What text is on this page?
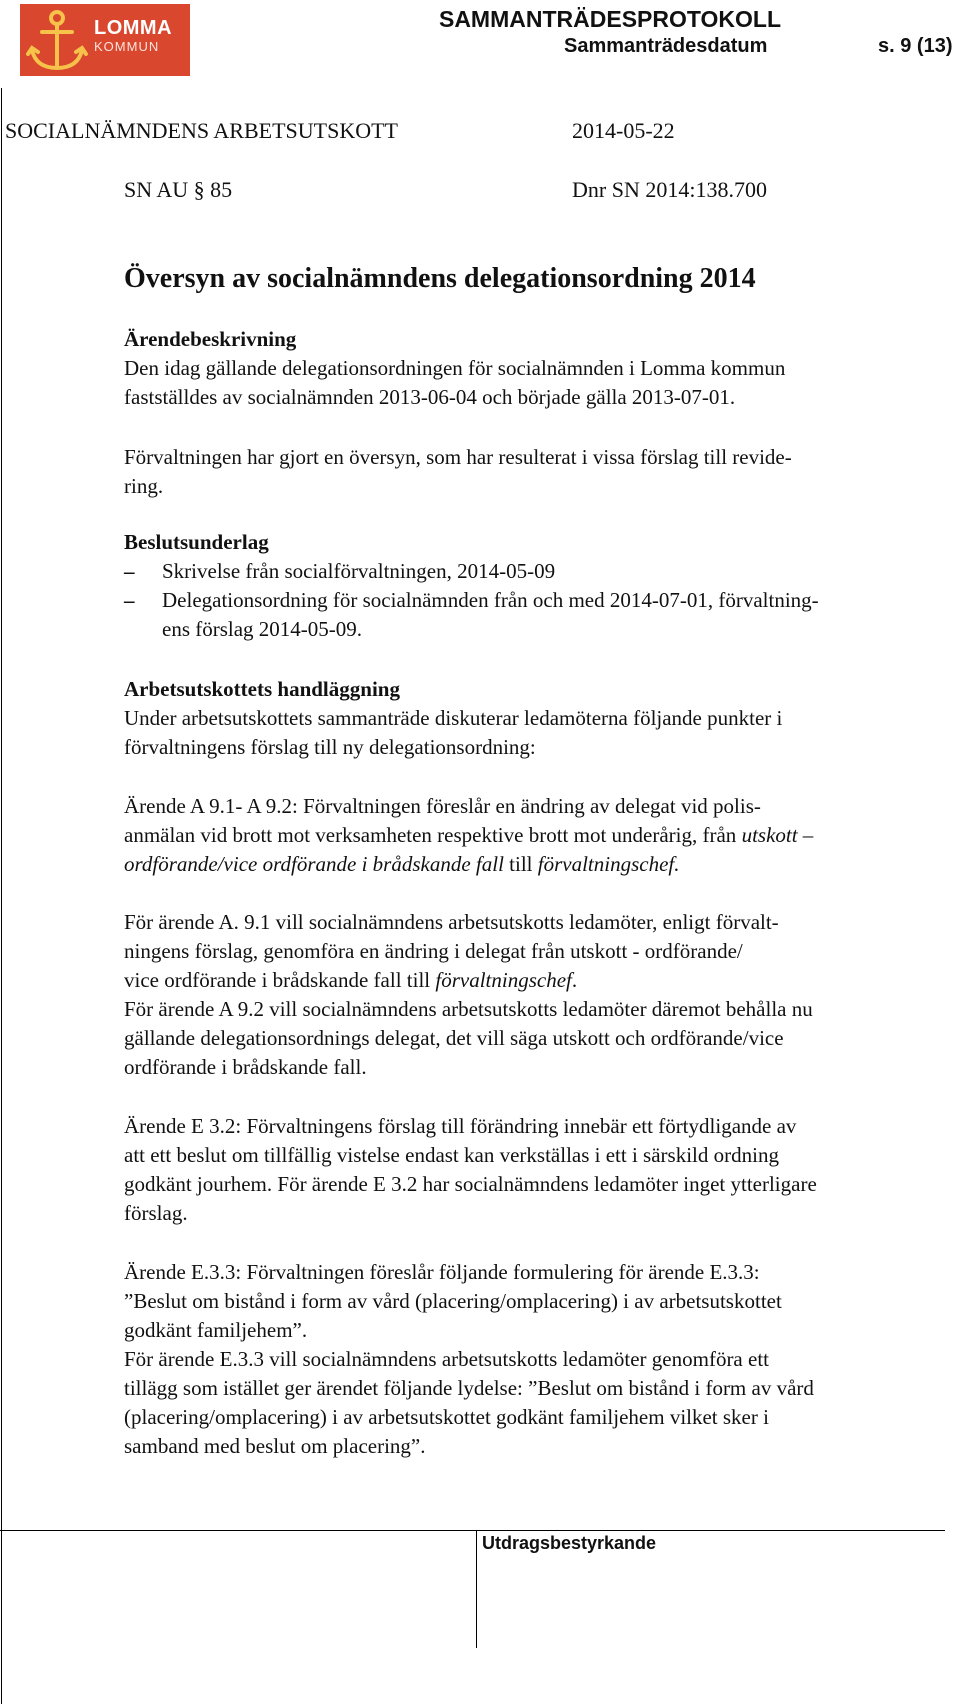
LOMMA
KOMMUN
SAMMANTRÄDESPROTOKOLL
Sammanträdesdatum	s. 9 (13)
SOCIALNÄMNDENS ARBETSUTSKOTT	2014-05-22
SN AU § 85	Dnr SN 2014:138.700
Översyn av socialnämndens delegationsordning 2014
Ärendebeskrivning
Den idag gällande delegationsordningen för socialnämnden i Lomma kommun
fastställdes av socialnämnden 2013-06-04 och började gälla 2013-07-01.
Förvaltningen har gjort en översyn, som har resulterat i vissa förslag till revide-
ring.
Beslutsunderlag
– Skrivelse från socialförvaltningen, 2014-05-09
– Delegationsordning för socialnämnden från och med 2014-07-01, förvaltning-
ens förslag 2014-05-09.
Arbetsutskottets handläggning
Under arbetsutskottets sammanträde diskuterar ledamöterna följande punkter i
förvaltningens förslag till ny delegationsordning:
Ärende A 9.1- A 9.2: Förvaltningen föreslår en ändring av delegat vid polis-
anmälan vid brott mot verksamheten respektive brott mot underårig, från utskott –
ordförande/vice ordförande i brådskande fall till förvaltningschef.
För ärende A. 9.1 vill socialnämndens arbetsutskotts ledamöter, enligt förvalt-
ningens förslag, genomföra en ändring i delegat från utskott - ordförande/
vice ordförande i brådskande fall till förvaltningschef.
För ärende A 9.2 vill socialnämndens arbetsutskotts ledamöter däremot behålla nu
gällande delegationsordnings delegat, det vill säga utskott och ordförande/vice
ordförande i brådskande fall.
Ärende E 3.2: Förvaltningens förslag till förändring innebär ett förtydligande av
att ett beslut om tillfällig vistelse endast kan verkställas i ett i särskild ordning
godkänt jourhem. För ärende E 3.2 har socialnämndens ledamöter inget ytterligare
förslag.
Ärende E.3.3: Förvaltningen föreslår följande formulering för ärende E.3.3:
”Beslut om bistånd i form av vård (placering/omplacering) i av arbetsutskottet
godkänt familjehem”.
För ärende E.3.3 vill socialnämndens arbetsutskotts ledamöter genomföra ett
tillägg som istället ger ärendet följande lydelse: ”Beslut om bistånd i form av vård
(placering/omplacering) i av arbetsutskottet godkänt familjehem vilket sker i
samband med beslut om placering”.
Utdragsbestyrkande
